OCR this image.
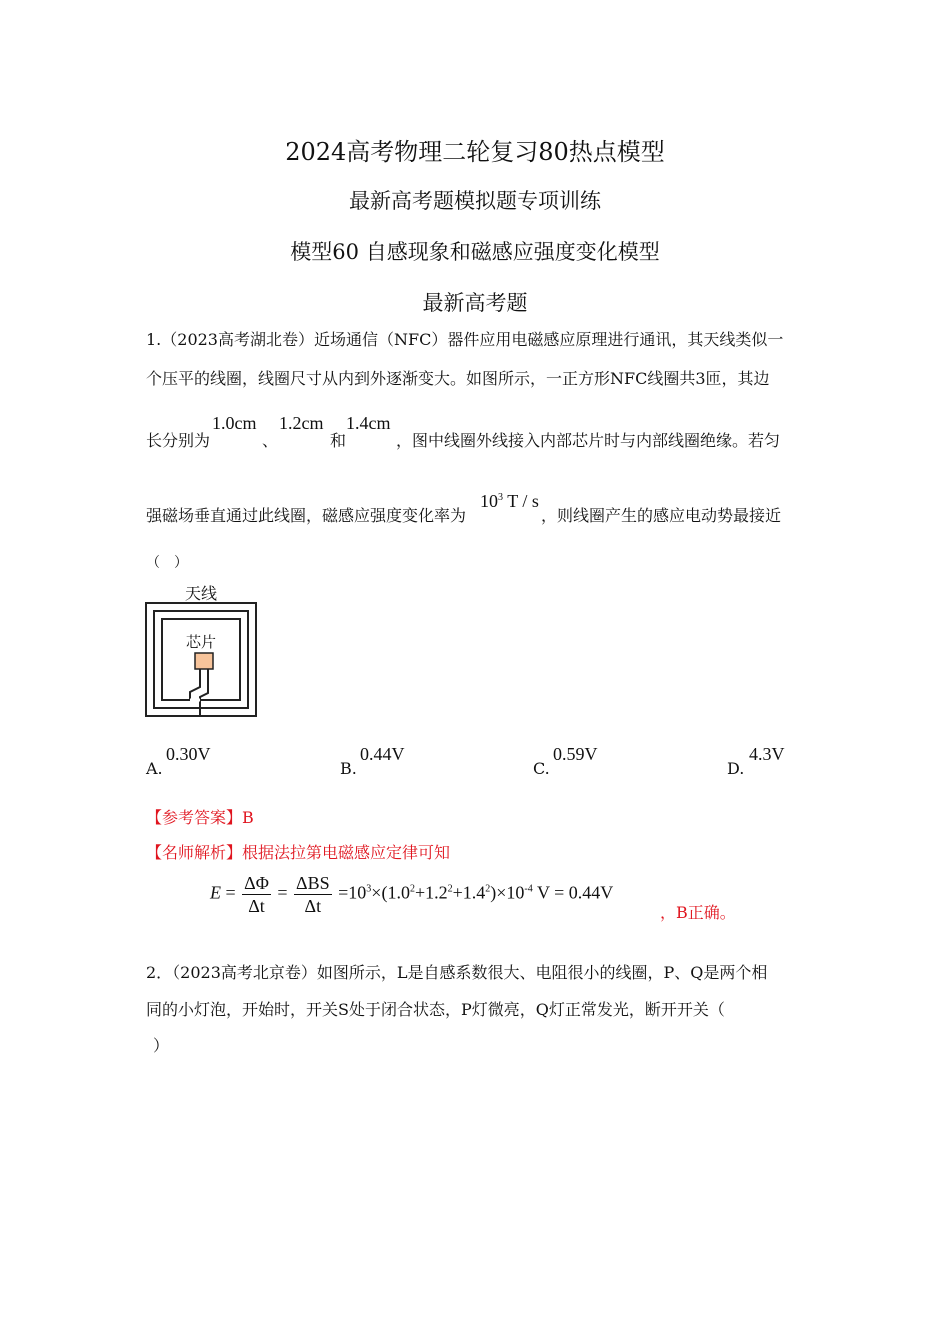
2024高考物理二轮复习80热点模型
最新高考题模拟题专项训练
模型60 自感现象和磁感应强度变化模型
最新高考题
1.（2023高考湖北卷）近场通信（NFC）器件应用电磁感应原理进行通讯，其天线类似一
个压平的线圈，线圈尺寸从内到外逐渐变大。如图所示，一正方形NFC线圈共3匝，其边
长分别为
1.0cm
、
1.2cm
和
1.4cm
，图中线圈外线接入内部芯片时与内部线圈绝缘。若匀
强磁场垂直通过此线圈，磁感应强度变化率为
$10^3$ T / s
，则线圈产生的感应电动势最接近
（　）
天线
芯片
A.
0.30V
B.
0.44V
C.
0.59V
D.
4.3V
【参考答案】B
【名师解析】根据法拉第电磁感应定律可知
$E = \frac{\Delta\Phi}{\Delta t} = \frac{\text{ΔBS}}{\Delta t} =10^3\times(1.0^2+1.2^2+1.4^2)\times 10^{-4}$ V = 0.44V
，B正确。
2．（2023高考北京卷）如图所示，L是自感系数很大、电阻很小的线圈，P、Q是两个相
同的小灯泡，开始时，开关S处于闭合状态，P灯微亮，Q灯正常发光，断开开关（
）
